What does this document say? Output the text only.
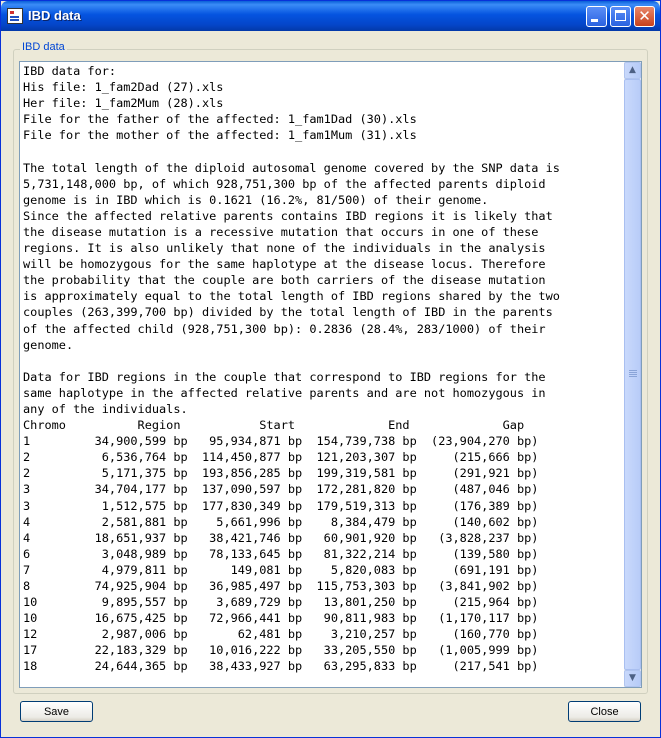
IBD data	✕
IBD data
IBD data for:
His file: 1_fam2Dad (27).xls
Her file: 1_fam2Mum (28).xls
File for the father of the affected: 1_fam1Dad (30).xls
File for the mother of the affected: 1_fam1Mum (31).xls

The total length of the diploid autosomal genome covered by the SNP data is
5,731,148,000 bp, of which 928,751,300 bp of the affected parents diploid
genome is in IBD which is 0.1621 (16.2%, 81/500) of their genome.
Since the affected relative parents contains IBD regions it is likely that
the disease mutation is a recessive mutation that occurs in one of these
regions. It is also unlikely that none of the individuals in the analysis
will be homozygous for the same haplotype at the disease locus. Therefore
the probability that the couple are both carriers of the disease mutation
is approximately equal to the total length of IBD regions shared by the two
couples (263,399,700 bp) divided by the total length of IBD in the parents
of the affected child (928,751,300 bp): 0.2836 (28.4%, 283/1000) of their
genome.

Data for IBD regions in the couple that correspond to IBD regions for the
same haplotype in the affected relative parents and are not homozygous in
any of the individuals.
Chromo          Region           Start             End             Gap
1         34,900,599 bp   95,934,871 bp  154,739,738 bp  (23,904,270 bp)
2          6,536,764 bp  114,450,877 bp  121,203,307 bp     (215,666 bp)
2          5,171,375 bp  193,856,285 bp  199,319,581 bp     (291,921 bp)
3         34,704,177 bp  137,090,597 bp  172,281,820 bp     (487,046 bp)
3          1,512,575 bp  177,830,349 bp  179,519,313 bp     (176,389 bp)
4          2,581,881 bp    5,661,996 bp    8,384,479 bp     (140,602 bp)
4         18,651,937 bp   38,421,746 bp   60,901,920 bp   (3,828,237 bp)
6          3,048,989 bp   78,133,645 bp   81,322,214 bp     (139,580 bp)
7          4,979,811 bp      149,081 bp    5,820,083 bp     (691,191 bp)
8         74,925,904 bp   36,985,497 bp  115,753,303 bp   (3,841,902 bp)
10         9,895,557 bp    3,689,729 bp   13,801,250 bp     (215,964 bp)
10        16,675,425 bp   72,966,441 bp   90,811,983 bp   (1,170,117 bp)
12         2,987,006 bp       62,481 bp    3,210,257 bp     (160,770 bp)
17        22,183,329 bp   10,016,222 bp   33,205,550 bp   (1,005,999 bp)
18        24,644,365 bp   38,433,927 bp   63,295,833 bp     (217,541 bp)
▲
▼
Save	Close
